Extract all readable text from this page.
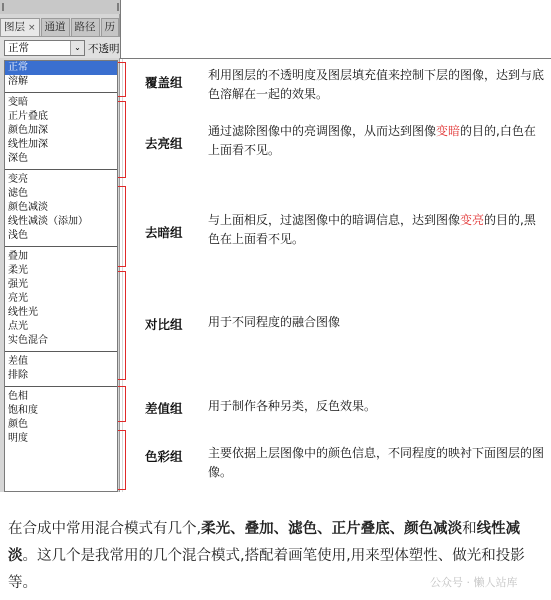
图层 × 通道 路径 历
正常	⌄ 不透明
正常
溶解
变暗
正片叠底
颜色加深
线性加深
深色
变亮
滤色
颜色减淡
线性减淡（添加）
浅色
叠加
柔光
强光
亮光
线性光
点光
实色混合
差值
排除
色相
饱和度
颜色
明度
覆盖组 利用图层的不透明度及图层填充值来控制下层的图像，达到与底色溶解在一起的效果。
去亮组
通过滤除图像中的亮调图像，从而达到图像变暗的目的,白色在上面看不见。
去暗组
与上面相反，过滤图像中的暗调信息，达到图像变亮的目的,黑色在上面看不见。
对比组 用于不同程度的融合图像
差值组 用于制作各种另类，反色效果。
色彩组 主要依据上层图像中的颜色信息，不同程度的映衬下面图层的图像。
在合成中常用混合模式有几个,柔光、叠加、滤色、正片叠底、颜色减淡和线性减淡。这几个是我常用的几个混合模式,搭配着画笔使用,用来型体塑性、做光和投影等。	公众号 · 懒人站库
